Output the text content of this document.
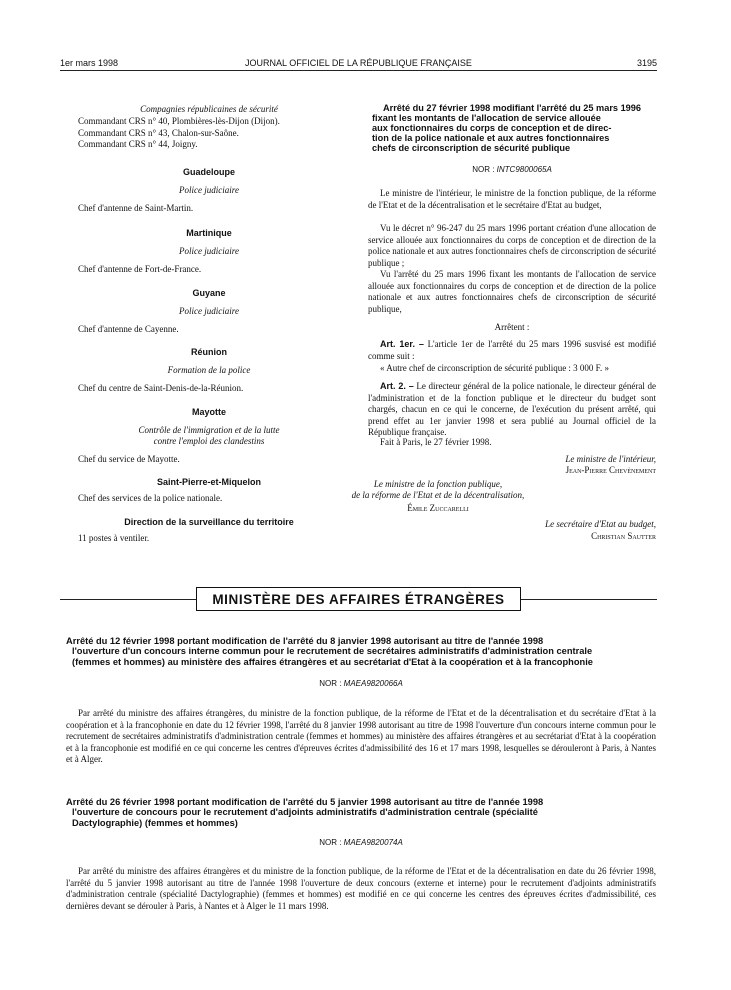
1er mars 1998	JOURNAL OFFICIEL DE LA RÉPUBLIQUE FRANÇAISE	3195
Compagnies républicaines de sécurité
Commandant CRS n° 40, Plombières-lès-Dijon (Dijon).
Commandant CRS n° 43, Chalon-sur-Saône.
Commandant CRS n° 44, Joigny.
Guadeloupe
Police judiciaire
Chef d'antenne de Saint-Martin.
Martinique
Police judiciaire
Chef d'antenne de Fort-de-France.
Guyane
Police judiciaire
Chef d'antenne de Cayenne.
Réunion
Formation de la police
Chef du centre de Saint-Denis-de-la-Réunion.
Mayotte
Contrôle de l'immigration et de la lutte
contre l'emploi des clandestins
Chef du service de Mayotte.
Saint-Pierre-et-Miquelon
Chef des services de la police nationale.
Direction de la surveillance du territoire
11 postes à ventiler.
Arrêté du 27 février 1998 modifiant l'arrêté du 25 mars 1996
fixant les montants de l'allocation de service allouée
aux fonctionnaires du corps de conception et de direc-
tion de la police nationale et aux autres fonctionnaires
chefs de circonscription de sécurité publique
NOR : INTC9800065A
Le ministre de l'intérieur, le ministre de la fonction publique, de la réforme de l'Etat et de la décentralisation et le secrétaire d'Etat au budget,
Vu le décret n° 96-247 du 25 mars 1996 portant création d'une allocation de service allouée aux fonctionnaires du corps de conception et de direction de la police nationale et aux autres fonctionnaires chefs de circonscription de sécurité publique ;
Vu l'arrêté du 25 mars 1996 fixant les montants de l'allocation de service allouée aux fonctionnaires du corps de conception et de direction de la police nationale et aux autres fonctionnaires chefs de circonscription de sécurité publique,
Arrêtent :
Art. 1er. – L'article 1er de l'arrêté du 25 mars 1996 susvisé est modifié comme suit :
« Autre chef de circonscription de sécurité publique : 3 000 F. »
Art. 2. – Le directeur général de la police nationale, le directeur général de l'administration et de la fonction publique et le directeur du budget sont chargés, chacun en ce qui le concerne, de l'exécution du présent arrêté, qui prend effet au 1er janvier 1998 et sera publié au Journal officiel de la République française.
Fait à Paris, le 27 février 1998.
Le ministre de l'intérieur,
Jean-Pierre Chevènement
Le ministre de la fonction publique,
de la réforme de l'Etat et de la décentralisation,
Émile Zuccarelli
Le secrétaire d'Etat au budget,
Christian Sautter
MINISTÈRE DES AFFAIRES ÉTRANGÈRES
Arrêté du 12 février 1998 portant modification de l'arrêté du 8 janvier 1998 autorisant au titre de l'année 1998
l'ouverture d'un concours interne commun pour le recrutement de secrétaires administratifs d'administration centrale
(femmes et hommes) au ministère des affaires étrangères et au secrétariat d'Etat à la coopération et à la francophonie
NOR : MAEA9820066A
Par arrêté du ministre des affaires étrangères, du ministre de la fonction publique, de la réforme de l'Etat et de la décentralisation et du secrétaire d'Etat à la coopération et à la francophonie en date du 12 février 1998, l'arrêté du 8 janvier 1998 autorisant au titre de 1998 l'ouverture d'un concours interne commun pour le recrutement de secrétaires administratifs d'administration centrale (femmes et hommes) au ministère des affaires étrangères et au secrétariat d'Etat à la coopération et à la francophonie est modifié en ce qui concerne les centres d'épreuves écrites d'admissibilité des 16 et 17 mars 1998, lesquelles se dérouleront à Paris, à Nantes et à Alger.
Arrêté du 26 février 1998 portant modification de l'arrêté du 5 janvier 1998 autorisant au titre de l'année 1998
l'ouverture de concours pour le recrutement d'adjoints administratifs d'administration centrale (spécialité
Dactylographie) (femmes et hommes)
NOR : MAEA9820074A
Par arrêté du ministre des affaires étrangères et du ministre de la fonction publique, de la réforme de l'Etat et de la décentralisation en date du 26 février 1998, l'arrêté du 5 janvier 1998 autorisant au titre de l'année 1998 l'ouverture de deux concours (externe et interne) pour le recrutement d'adjoints administratifs d'administration centrale (spécialité Dactylographie) (femmes et hommes) est modifié en ce qui concerne les centres des épreuves écrites d'admissibilité, ces dernières devant se dérouler à Paris, à Nantes et à Alger le 11 mars 1998.
